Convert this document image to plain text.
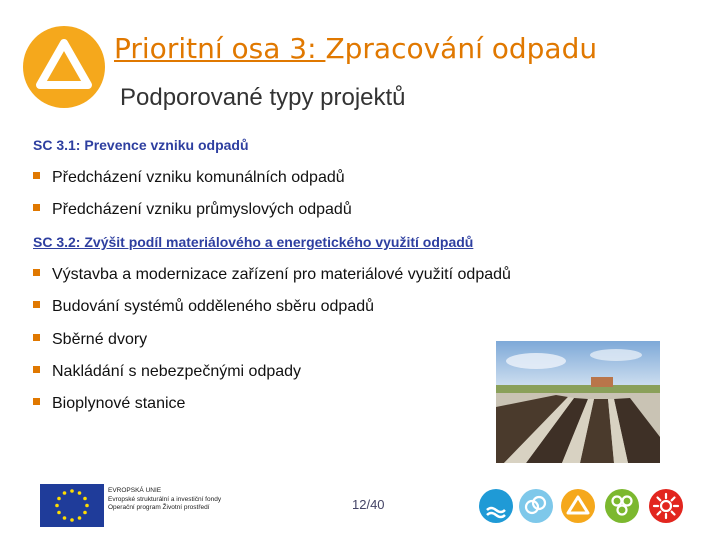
Prioritní osa 3: Zpracování odpadu
Podporované typy projektů
SC 3.1: Prevence vzniku odpadů
Předcházení vzniku komunálních odpadů
Předcházení vzniku průmyslových odpadů
SC 3.2: Zvýšit podíl materiálového a energetického využití odpadů
Výstavba a modernizace zařízení pro materiálové využití odpadů
Budování systémů odděleného sběru odpadů
Sběrné dvory
Nakládání s nebezpečnými odpady
Bioplynové stanice
EVROPSKÁ UNIE
Evropské strukturální a investiční fondy
Operační program Životní prostředí	12/40
